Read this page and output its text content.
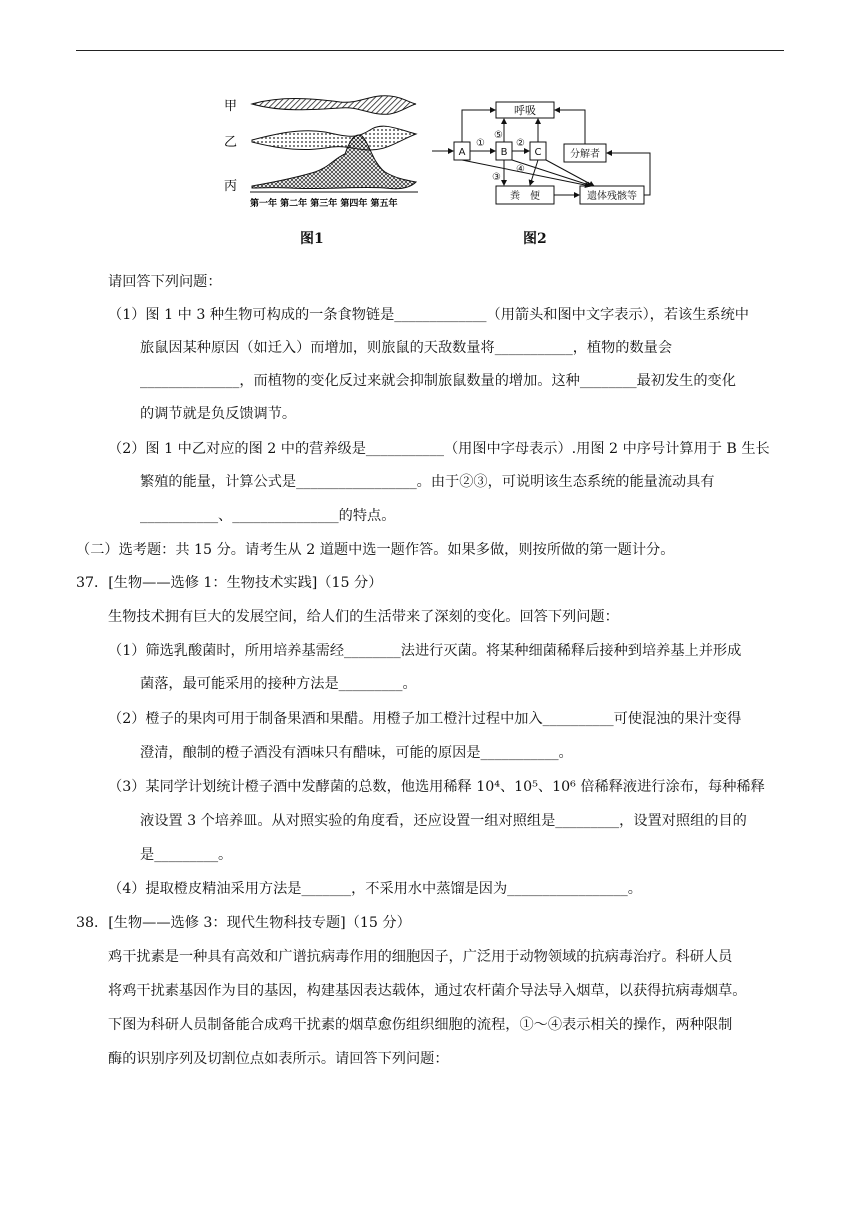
甲
乙
丙
第一年 第二年 第三年 第四年 第五年
呼吸
A	B	C	分解者
粪　便	遗体残骸等
①
⑤
②
④
③
图1	图2
请回答下列问题：
（1）图 1 中 3 种生物可构成的一条食物链是_____________（用箭头和图中文字表示），若该生系统中
旅鼠因某种原因（如迁入）而增加，则旅鼠的天敌数量将___________，植物的数量会
______________，而植物的变化反过来就会抑制旅鼠数量的增加。这种________最初发生的变化
的调节就是负反馈调节。
（2）图 1 中乙对应的图 2 中的营养级是___________（用图中字母表示）.用图 2 中序号计算用于 B 生长
繁殖的能量，计算公式是_________________。由于②③，可说明该生态系统的能量流动具有
___________、_______________的特点。
（二）选考题：共 15 分。请考生从 2 道题中选一题作答。如果多做，则按所做的第一题计分。
37．[生物——选修 1：生物技术实践]（15 分）
生物技术拥有巨大的发展空间，给人们的生活带来了深刻的变化。回答下列问题：
（1）筛选乳酸菌时，所用培养基需经________法进行灭菌。将某种细菌稀释后接种到培养基上并形成
菌落，最可能采用的接种方法是_________。
（2）橙子的果肉可用于制备果酒和果醋。用橙子加工橙汁过程中加入__________可使混浊的果汁变得
澄清，酿制的橙子酒没有酒味只有醋味，可能的原因是___________。
（3）某同学计划统计橙子酒中发酵菌的总数，他选用稀释 10⁴、10⁵、10⁶ 倍稀释液进行涂布，每种稀释
液设置 3 个培养皿。从对照实验的角度看，还应设置一组对照组是_________，设置对照组的目的
是_________。
（4）提取橙皮精油采用方法是_______，不采用水中蒸馏是因为_________________。
38．[生物——选修 3：现代生物科技专题]（15 分）
鸡干扰素是一种具有高效和广谱抗病毒作用的细胞因子，广泛用于动物领域的抗病毒治疗。科研人员
将鸡干扰素基因作为目的基因，构建基因表达载体，通过农杆菌介导法导入烟草，以获得抗病毒烟草。
下图为科研人员制备能合成鸡干扰素的烟草愈伤组织细胞的流程，①～④表示相关的操作，两种限制
酶的识别序列及切割位点如表所示。请回答下列问题：
